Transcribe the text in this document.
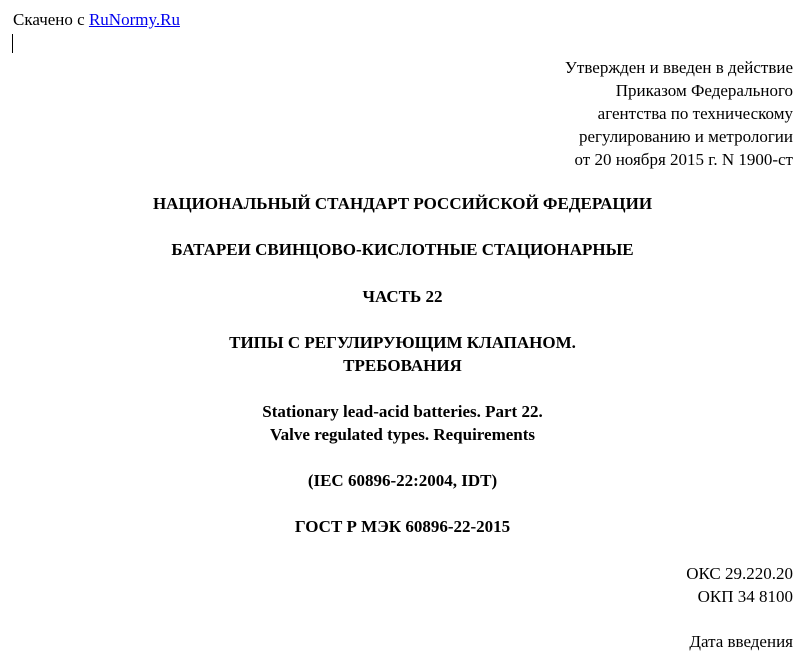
Скачено с RuNormy.Ru
Утвержден и введен в действие
Приказом Федерального
агентства по техническому
регулированию и метрологии
от 20 ноября 2015 г. N 1900-ст
НАЦИОНАЛЬНЫЙ СТАНДАРТ РОССИЙСКОЙ ФЕДЕРАЦИИ
БАТАРЕИ СВИНЦОВО-КИСЛОТНЫЕ СТАЦИОНАРНЫЕ
ЧАСТЬ 22
ТИПЫ С РЕГУЛИРУЮЩИМ КЛАПАНОМ.
ТРЕБОВАНИЯ
Stationary lead-acid batteries. Part 22.
Valve regulated types. Requirements
(IEC 60896-22:2004, IDT)
ГОСТ Р МЭК 60896-22-2015
ОКС 29.220.20
ОКП 34 8100
Дата введения
